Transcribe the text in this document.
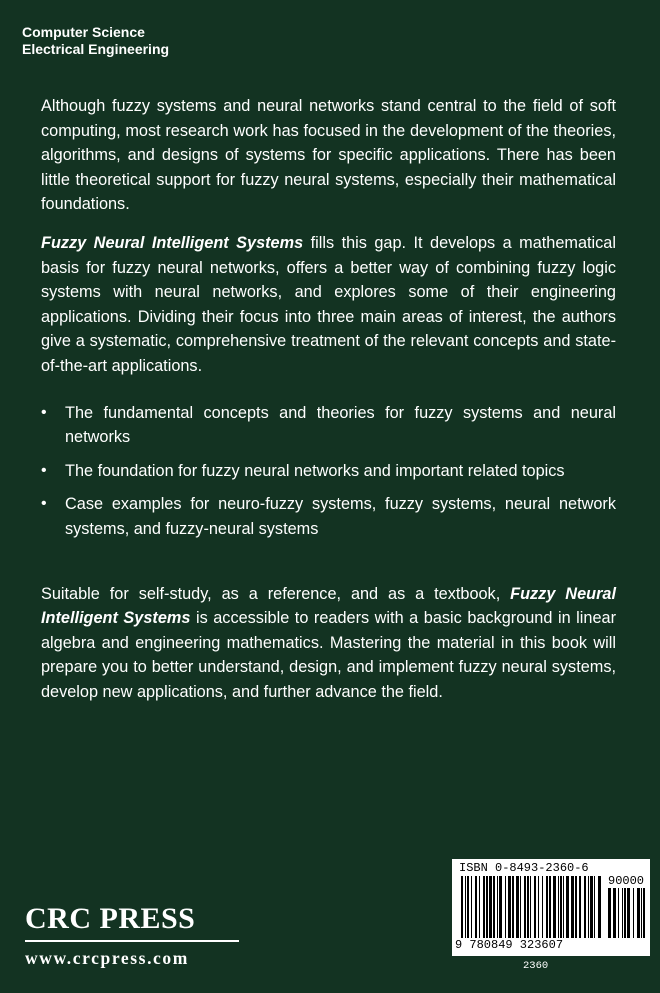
Computer Science
Electrical Engineering

Although fuzzy systems and neural networks stand central to the field of soft computing, most research work has focused in the development of the theories, algorithms, and designs of systems for specific applications. There has been little theoretical support for fuzzy neural systems, especially their mathematical foundations.

Fuzzy Neural Intelligent Systems fills this gap. It develops a mathematical basis for fuzzy neural networks, offers a better way of combining fuzzy logic systems with neural networks, and explores some of their engineering applications. Dividing their focus into three main areas of interest, the authors give a systematic, comprehensive treatment of the relevant concepts and state-of-the-art applications.

• The fundamental concepts and theories for fuzzy systems and neural networks
• The foundation for fuzzy neural networks and important related topics
• Case examples for neuro-fuzzy systems, fuzzy systems, neural network systems, and fuzzy-neural systems

Suitable for self-study, as a reference, and as a textbook, Fuzzy Neural Intelligent Systems is accessible to readers with a basic background in linear algebra and engineering mathematics. Mastering the material in this book will prepare you to better understand, design, and implement fuzzy neural systems, develop new applications, and further advance the field.

CRC PRESS
www.crcpress.com
ISBN 0-8493-2360-6
90000
9 780849 323607
2360
